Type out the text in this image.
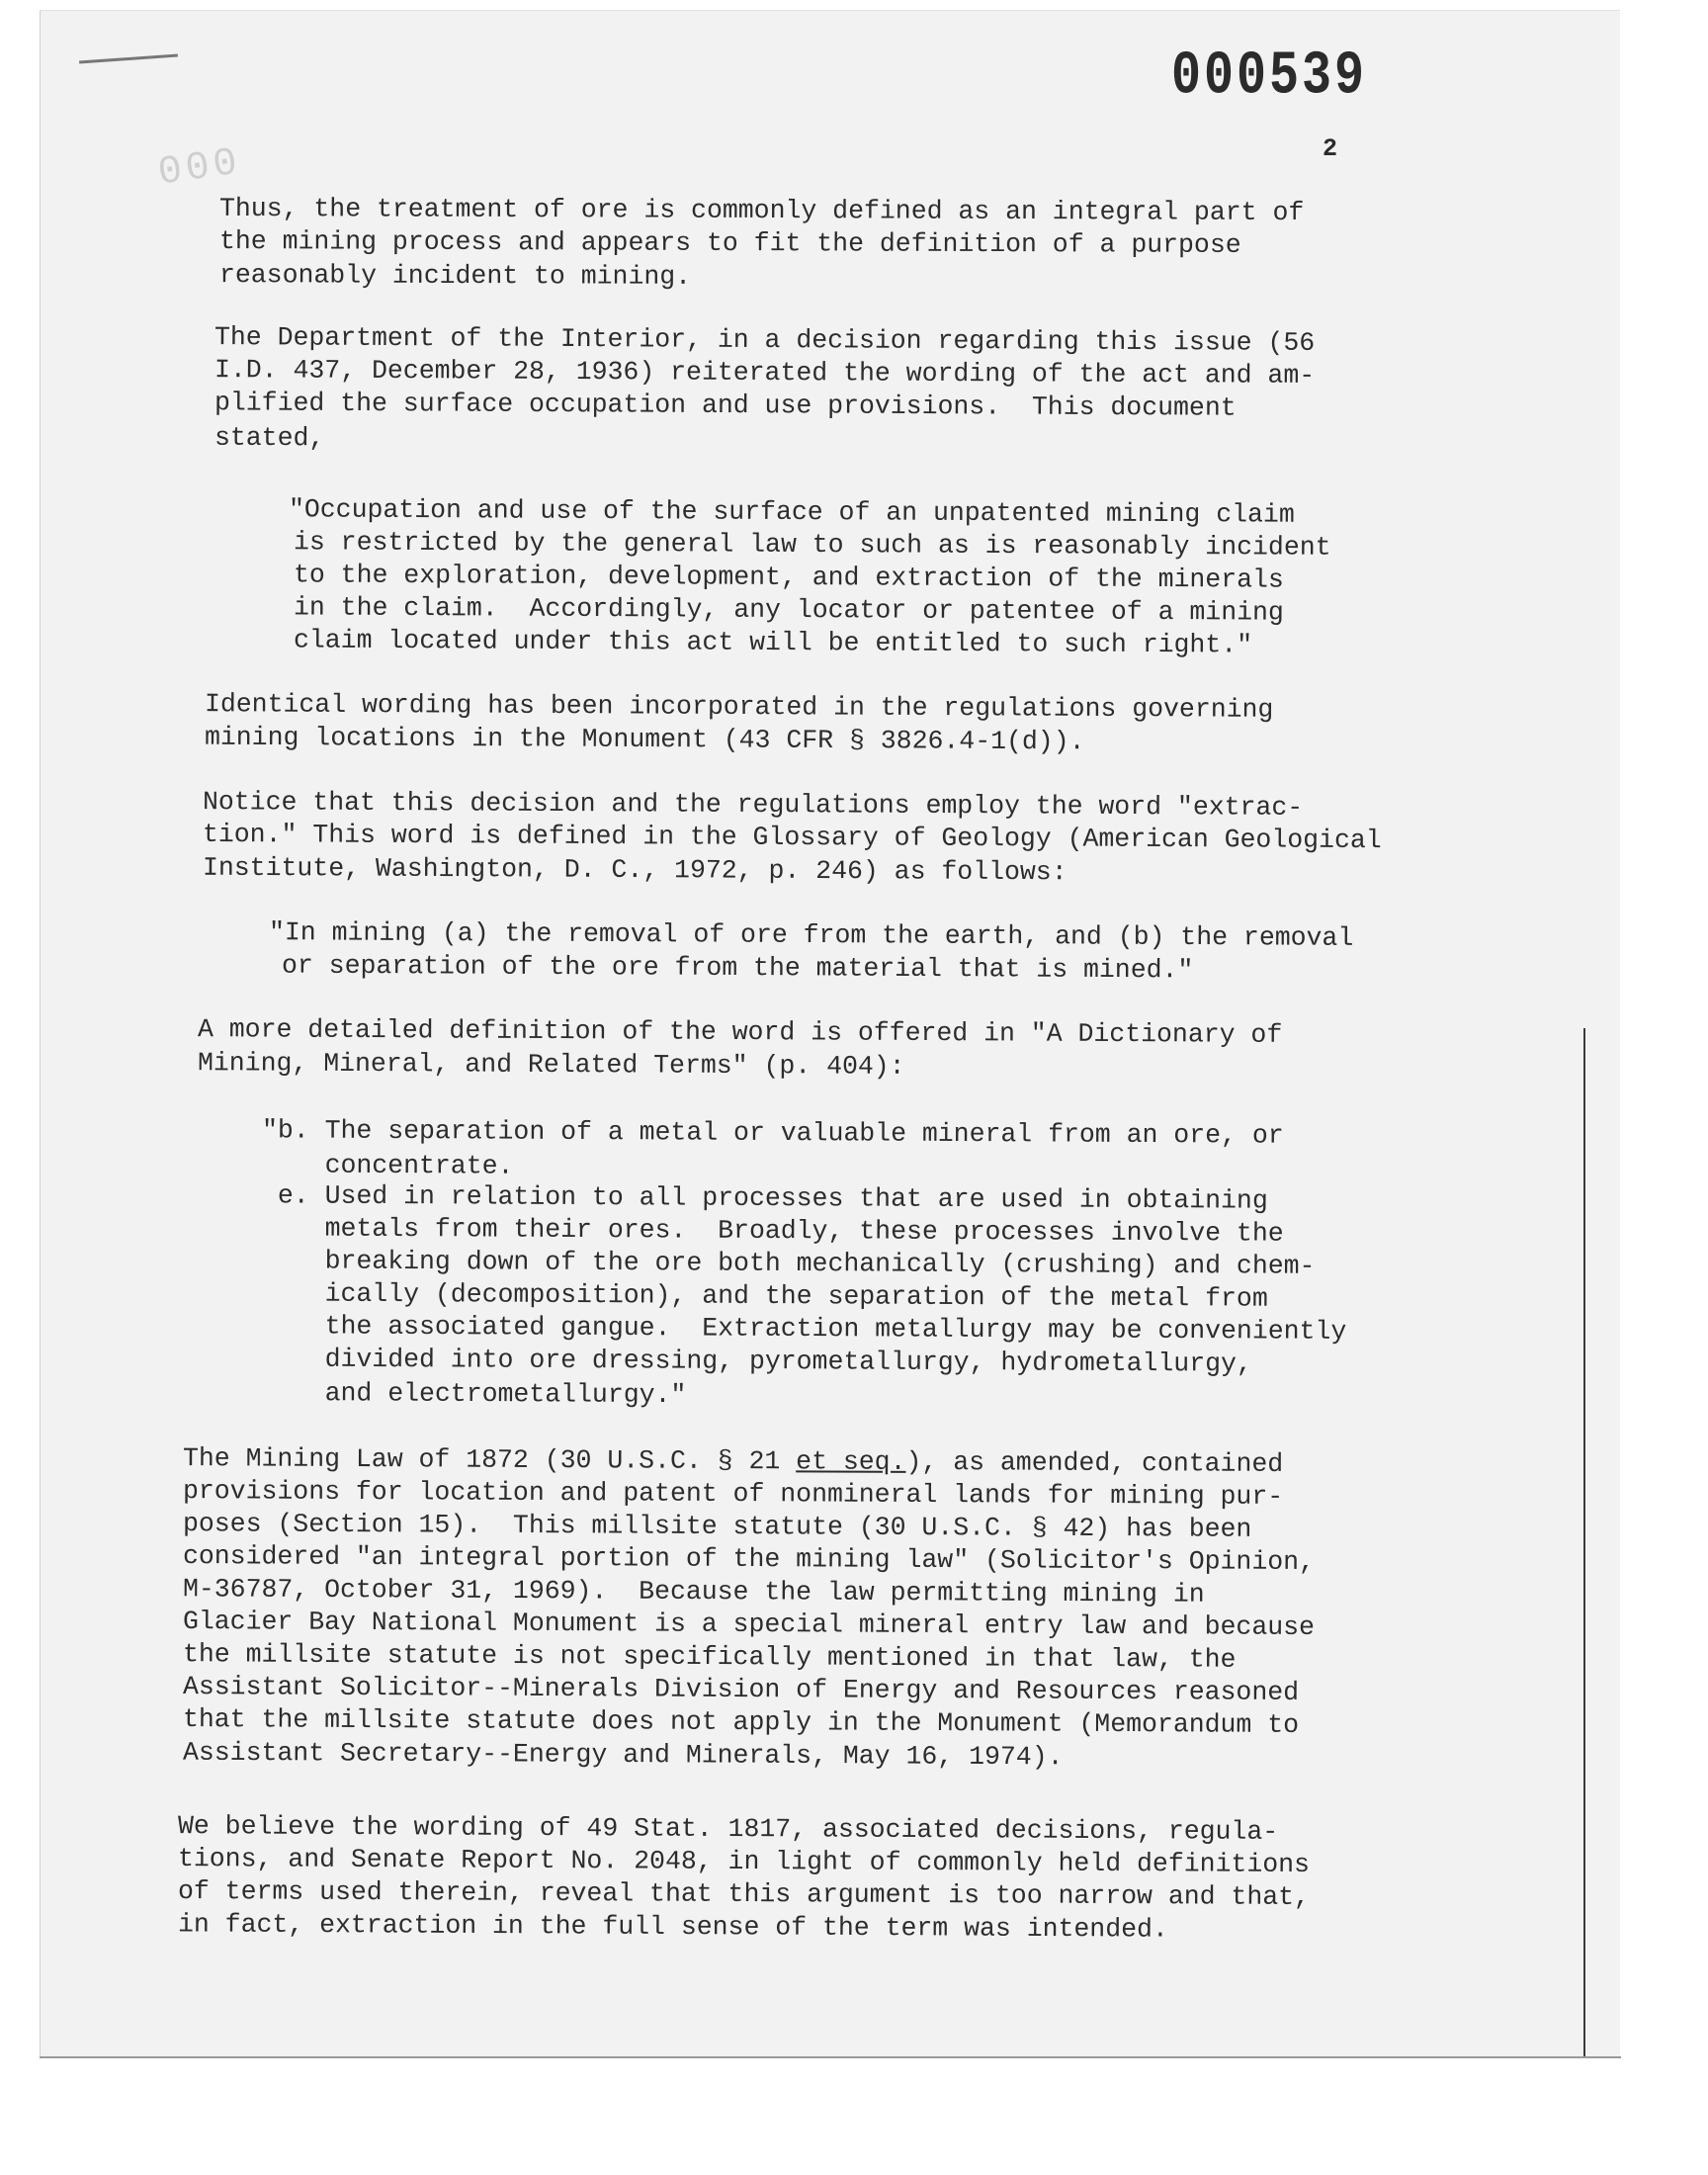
000
000539
2

Thus, the treatment of ore is commonly defined as an integral part of

the mining process and appears to fit the definition of a purpose

reasonably incident to mining.

The Department of the Interior, in a decision regarding this issue (56

I.D. 437, December 28, 1936) reiterated the wording of the act and am-

plified the surface occupation and use provisions.  This document

stated,

"Occupation and use of the surface of an unpatented mining claim

is restricted by the general law to such as is reasonably incident

to the exploration, development, and extraction of the minerals

in the claim.  Accordingly, any locator or patentee of a mining

claim located under this act will be entitled to such right."

Identical wording has been incorporated in the regulations governing

mining locations in the Monument (43 CFR § 3826.4-1(d)).

Notice that this decision and the regulations employ the word "extrac-

tion." This word is defined in the Glossary of Geology (American Geological

Institute, Washington, D. C., 1972, p. 246) as follows:

"In mining (a) the removal of ore from the earth, and (b) the removal

or separation of the ore from the material that is mined."

A more detailed definition of the word is offered in "A Dictionary of

Mining, Mineral, and Related Terms" (p. 404):

"b. The separation of a metal or valuable mineral from an ore, or

concentrate.

e. Used in relation to all processes that are used in obtaining

metals from their ores.  Broadly, these processes involve the

breaking down of the ore both mechanically (crushing) and chem-

ically (decomposition), and the separation of the metal from

the associated gangue.  Extraction metallurgy may be conveniently

divided into ore dressing, pyrometallurgy, hydrometallurgy,

and electrometallurgy."

The Mining Law of 1872 (30 U.S.C. § 21 et seq.), as amended, contained

provisions for location and patent of nonmineral lands for mining pur-

poses (Section 15).  This millsite statute (30 U.S.C. § 42) has been

considered "an integral portion of the mining law" (Solicitor's Opinion,

M-36787, October 31, 1969).  Because the law permitting mining in

Glacier Bay National Monument is a special mineral entry law and because

the millsite statute is not specifically mentioned in that law, the

Assistant Solicitor--Minerals Division of Energy and Resources reasoned

that the millsite statute does not apply in the Monument (Memorandum to

Assistant Secretary--Energy and Minerals, May 16, 1974).

We believe the wording of 49 Stat. 1817, associated decisions, regula-

tions, and Senate Report No. 2048, in light of commonly held definitions

of terms used therein, reveal that this argument is too narrow and that,

in fact, extraction in the full sense of the term was intended.
